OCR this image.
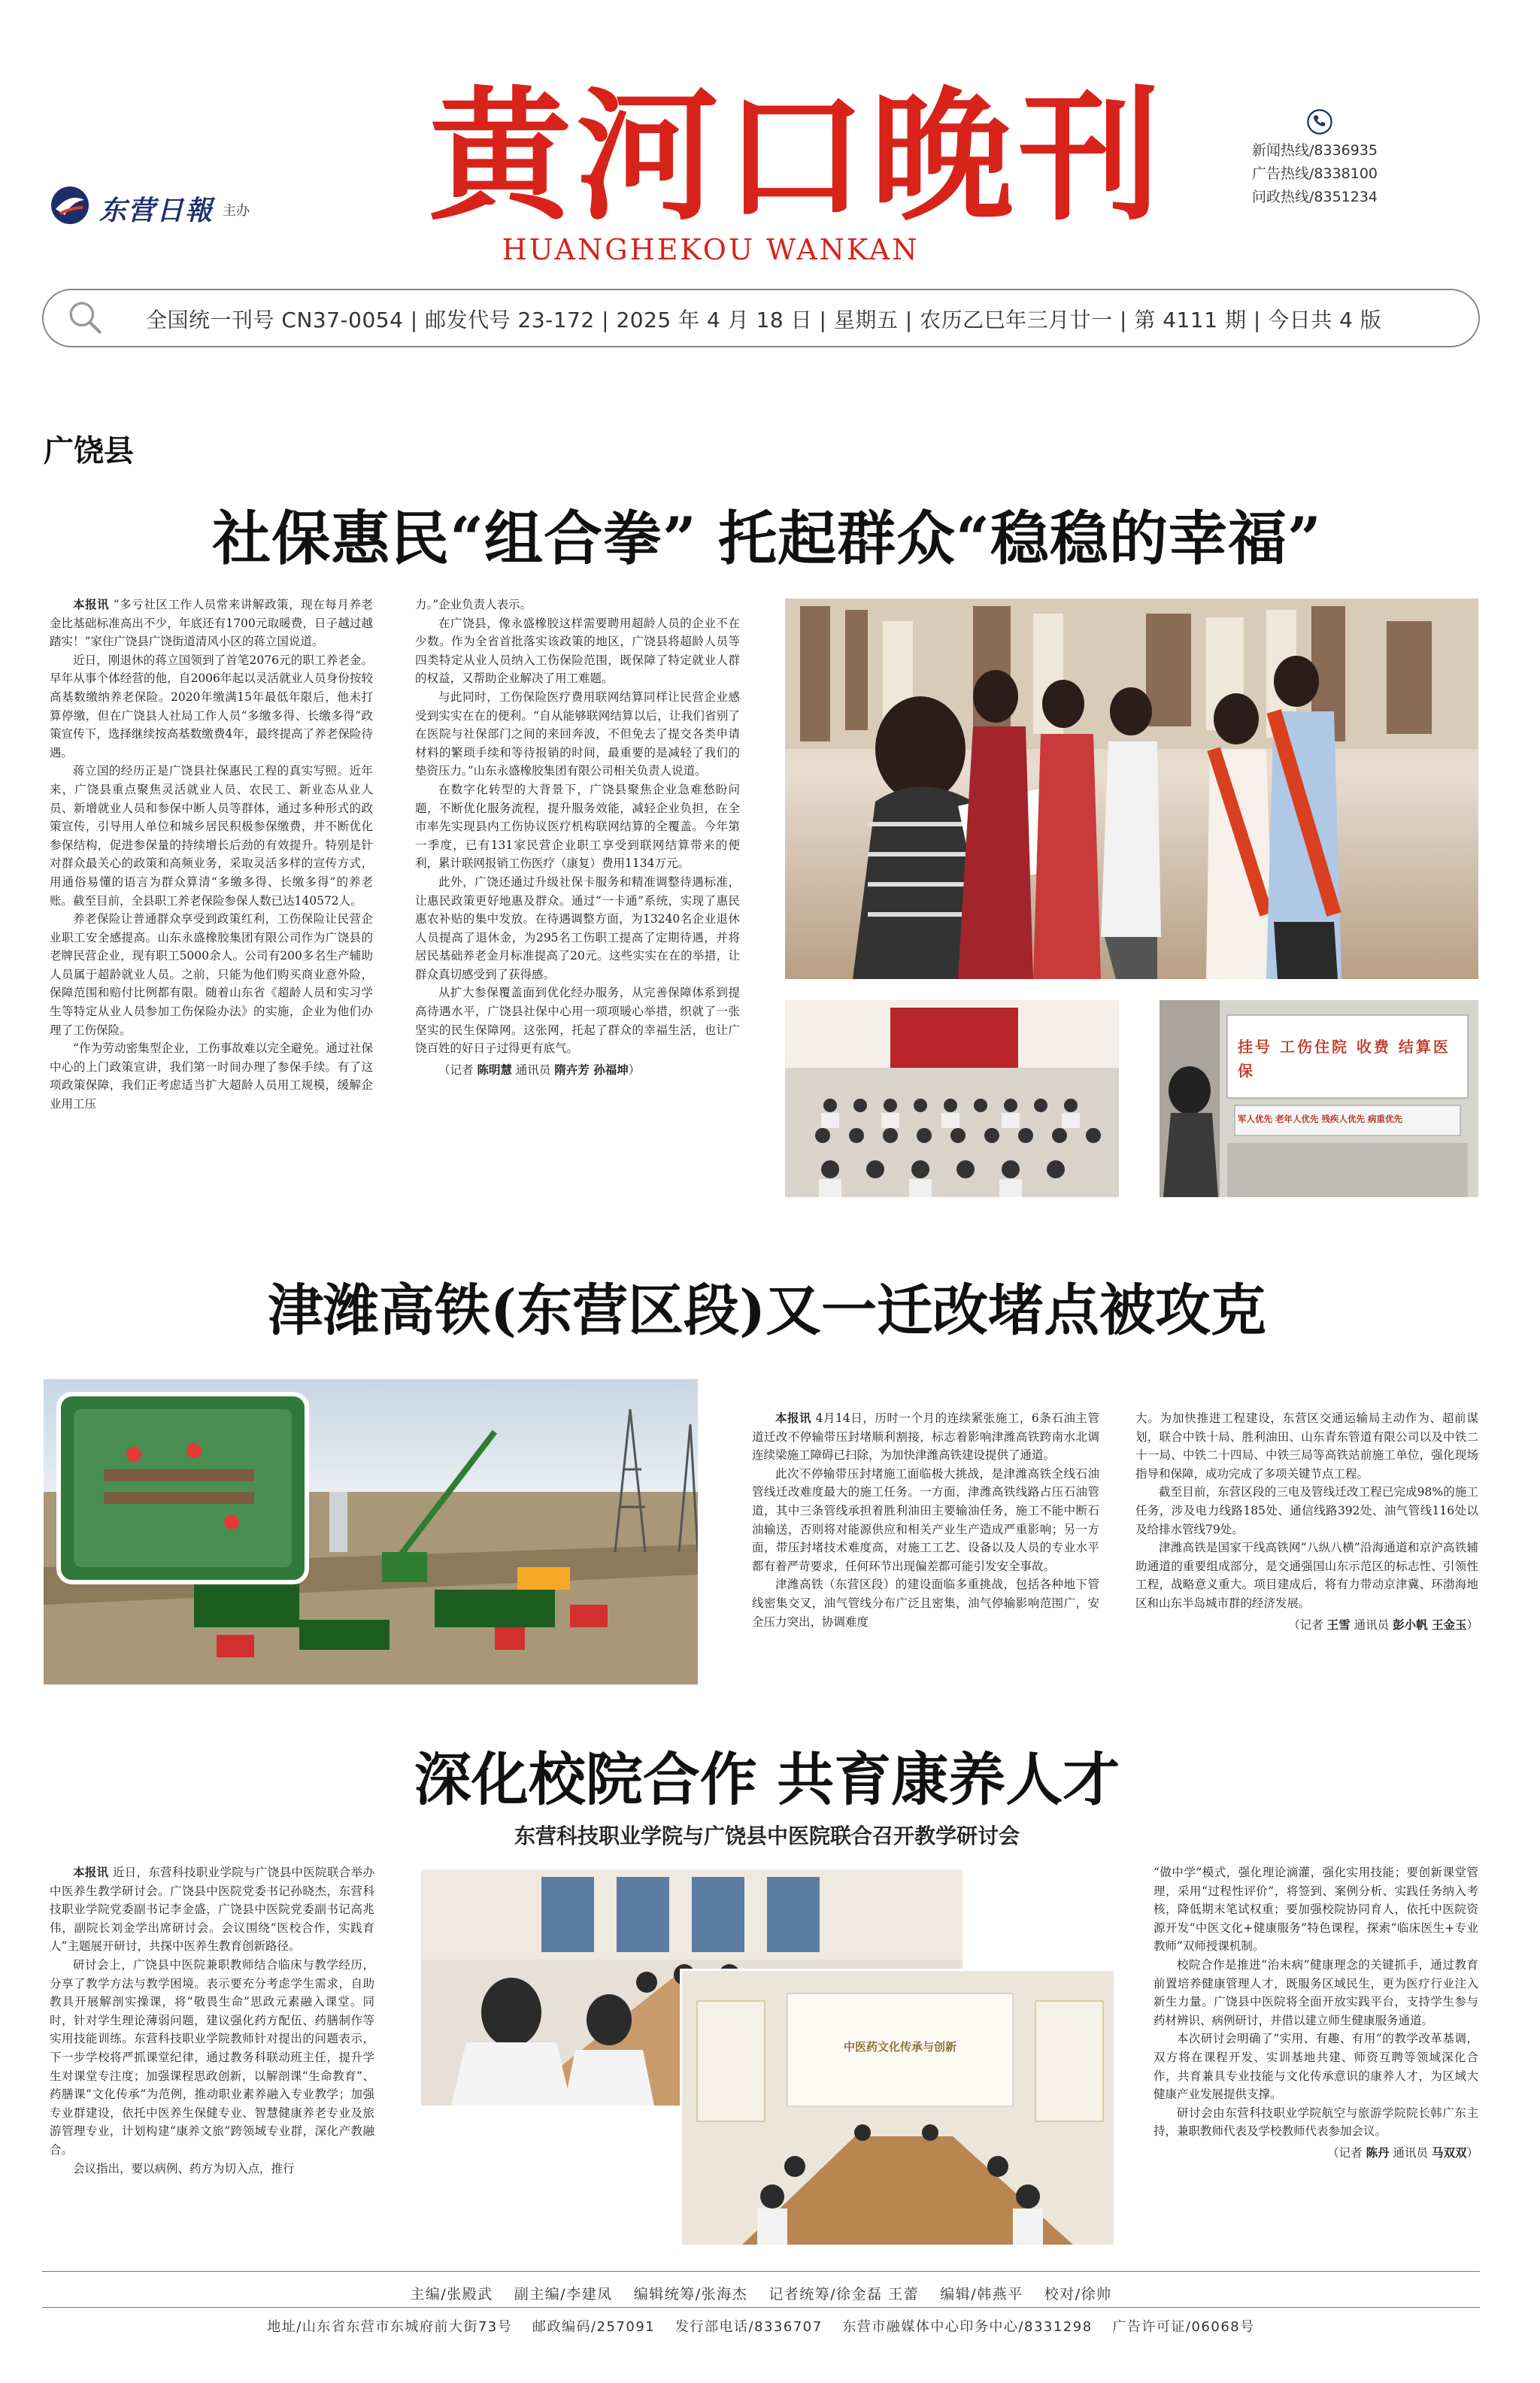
东营日報 主办 黄河口晚刊
HUANGHEKOU WANKAN
新闻热线/8336935
广告热线/8338100
问政热线/8351234
全国统一刊号 CN37-0054 | 邮发代号 23-172 | 2025 年 4 月 18 日 | 星期五 | 农历乙巳年三月廿一 | 第 4111 期 | 今日共 4 版
广饶县
社保惠民“组合拳” 托起群众“稳稳的幸福”

本报讯 “多亏社区工作人员常来讲解政策，现在每月养老金比基础标准高出不少，年底还有1700元取暖费，日子越过越踏实！”家住广饶县广饶街道清风小区的蒋立国说道。

近日，刚退休的蒋立国领到了首笔2076元的职工养老金。早年从事个体经营的他，自2006年起以灵活就业人员身份按较高基数缴纳养老保险。2020年缴满15年最低年限后，他未打算停缴，但在广饶县人社局工作人员“多缴多得、长缴多得”政策宣传下，选择继续按高基数缴费4年，最终提高了养老保险待遇。

蒋立国的经历正是广饶县社保惠民工程的真实写照。近年来，广饶县重点聚焦灵活就业人员、农民工、新业态从业人员、新增就业人员和参保中断人员等群体，通过多种形式的政策宣传，引导用人单位和城乡居民积极参保缴费，并不断优化参保结构，促进参保量的持续增长后劲的有效提升。特别是针对群众最关心的政策和高频业务，采取灵活多样的宣传方式，用通俗易懂的语言为群众算清“多缴多得、长缴多得”的养老账。截至目前，全县职工养老保险参保人数已达140572人。

养老保险让普通群众享受到政策红利，工伤保险让民营企业职工安全感提高。山东永盛橡胶集团有限公司作为广饶县的老牌民营企业，现有职工5000余人。公司有200多名生产辅助人员属于超龄就业人员。之前，只能为他们购买商业意外险，保障范围和赔付比例都有限。随着山东省《超龄人员和实习学生等特定从业人员参加工伤保险办法》的实施，企业为他们办理了工伤保险。

“作为劳动密集型企业，工伤事故难以完全避免。通过社保中心的上门政策宣讲，我们第一时间办理了参保手续。有了这项政策保障，我们正考虑适当扩大超龄人员用工规模，缓解企业用工压

力。”企业负责人表示。

在广饶县，像永盛橡胶这样需要聘用超龄人员的企业不在少数。作为全省首批落实该政策的地区，广饶县将超龄人员等四类特定从业人员纳入工伤保险范围，既保障了特定就业人群的权益，又帮助企业解决了用工难题。

与此同时，工伤保险医疗费用联网结算同样让民营企业感受到实实在在的便利。“自从能够联网结算以后，让我们省别了在医院与社保部门之间的来回奔波，不但免去了提交各类申请材料的繁琐手续和等待报销的时间，最重要的是减轻了我们的垫资压力。”山东永盛橡胶集团有限公司相关负责人说道。

在数字化转型的大背景下，广饶县聚焦企业急难愁盼问题，不断优化服务流程，提升服务效能，减轻企业负担，在全市率先实现县内工伤协议医疗机构联网结算的全覆盖。今年第一季度，已有131家民营企业职工享受到联网结算带来的便利，累计联网报销工伤医疗（康复）费用1134万元。

此外，广饶还通过升级社保卡服务和精准调整待遇标准，让惠民政策更好地惠及群众。通过“一卡通”系统，实现了惠民惠农补贴的集中发放。在待遇调整方面，为13240名企业退休人员提高了退休金，为295名工伤职工提高了定期待遇，并将居民基础养老金月标准提高了20元。这些实实在在的举措，让群众真切感受到了获得感。

从扩大参保覆盖面到优化经办服务，从完善保障体系到提高待遇水平，广饶县社保中心用一项项暖心举措，织就了一张坚实的民生保障网。这张网，托起了群众的幸福生活，也让广饶百姓的好日子过得更有底气。

（记者 陈明慧 通讯员 隋卉芳 孙福坤）

挂号 工伤住院 收费 结算医保
军人优先 老年人优先 残疾人优先 病重优先
津潍高铁(东营区段)又一迁改堵点被攻克

本报讯 4月14日，历时一个月的连续紧张施工，6条石油主管道迁改不停输带压封堵顺利割接，标志着影响津潍高铁跨南水北调连续梁施工障碍已扫除，为加快津潍高铁建设提供了通道。

此次不停输带压封堵施工面临极大挑战，是津潍高铁全线石油管线迁改难度最大的施工任务。一方面，津潍高铁线路占压石油管道，其中三条管线承担着胜利油田主要输油任务，施工不能中断石油输送，否则将对能源供应和相关产业生产造成严重影响；另一方面，带压封堵技术难度高，对施工工艺、设备以及人员的专业水平都有着严苛要求，任何环节出现偏差都可能引发安全事故。

津潍高铁（东营区段）的建设面临多重挑战，包括各种地下管线密集交叉，油气管线分布广泛且密集，油气停输影响范围广，安全压力突出，协调难度

大。为加快推进工程建设，东营区交通运输局主动作为、超前谋划，联合中铁十局、胜利油田、山东青东管道有限公司以及中铁二十一局、中铁二十四局、中铁三局等高铁站前施工单位，强化现场指导和保障，成功完成了多项关键节点工程。

截至目前，东营区段的三电及管线迁改工程已完成98%的施工任务，涉及电力线路185处、通信线路392处、油气管线116处以及给排水管线79处。

津潍高铁是国家干线高铁网“八纵八横”沿海通道和京沪高铁辅助通道的重要组成部分，是交通强国山东示范区的标志性、引领性工程，战略意义重大。项目建成后，将有力带动京津冀、环渤海地区和山东半岛城市群的经济发展。

（记者 王雪 通讯员 彭小帆 王金玉）

深化校院合作 共育康养人才
东营科技职业学院与广饶县中医院联合召开教学研讨会

本报讯 近日，东营科技职业学院与广饶县中医院联合举办中医养生教学研讨会。广饶县中医院党委书记孙晓杰，东营科技职业学院党委副书记李金盛，广饶县中医院党委副书记高兆伟，副院长刘金学出席研讨会。会议围绕“医校合作，实践育人”主题展开研讨，共探中医养生教育创新路径。

研讨会上，广饶县中医院兼职教师结合临床与教学经历，分享了教学方法与教学困境。表示要充分考虑学生需求，自助教具开展解剖实操课，将“敬畏生命”思政元素融入课堂。同时，针对学生理论薄弱问题，建议强化药方配伍、药膳制作等实用技能训练。东营科技职业学院教师针对提出的问题表示，下一步学校将严抓课堂纪律，通过教务科联动班主任，提升学生对课堂专注度；加强课程思政创新，以解剖课“生命教育”、药膳课“文化传承”为范例，推动职业素养融入专业教学；加强专业群建设，依托中医养生保健专业、智慧健康养老专业及旅游管理专业，计划构建“康养文旅”跨领域专业群，深化产教融合。

会议指出，要以病例、药方为切入点，推行

中医药文化传承与创新

“做中学”模式，强化理论滴灌，强化实用技能；要创新课堂管理，采用“过程性评价”，将签到、案例分析、实践任务纳入考核，降低期末笔试权重；要加强校院协同育人，依托中医院资源开发“中医文化+健康服务”特色课程，探索“临床医生+专业教师”双师授课机制。

校院合作是推进“治未病”健康理念的关键抓手，通过教育前置培养健康管理人才，既服务区域民生，更为医疗行业注入新生力量。广饶县中医院将全面开放实践平台，支持学生参与药材辨识、病例研讨，并借以建立师生健康服务通道。

本次研讨会明确了“实用、有趣、有用”的教学改革基调，双方将在课程开发、实训基地共建、师资互聘等领域深化合作，共育兼具专业技能与文化传承意识的康养人才，为区域大健康产业发展提供支撑。

研讨会由东营科技职业学院航空与旅游学院院长韩广东主持，兼职教师代表及学校教师代表参加会议。

（记者 陈丹 通讯员 马双双）

主编/张殿武　 副主编/李建凤　 编辑统筹/张海杰　 记者统筹/徐金磊 王蕾　 编辑/韩燕平　 校对/徐帅
地址/山东省东营市东城府前大街73号　 邮政编码/257091　 发行部电话/8336707　 东营市融媒体中心印务中心/8331298　 广告许可证/06068号
